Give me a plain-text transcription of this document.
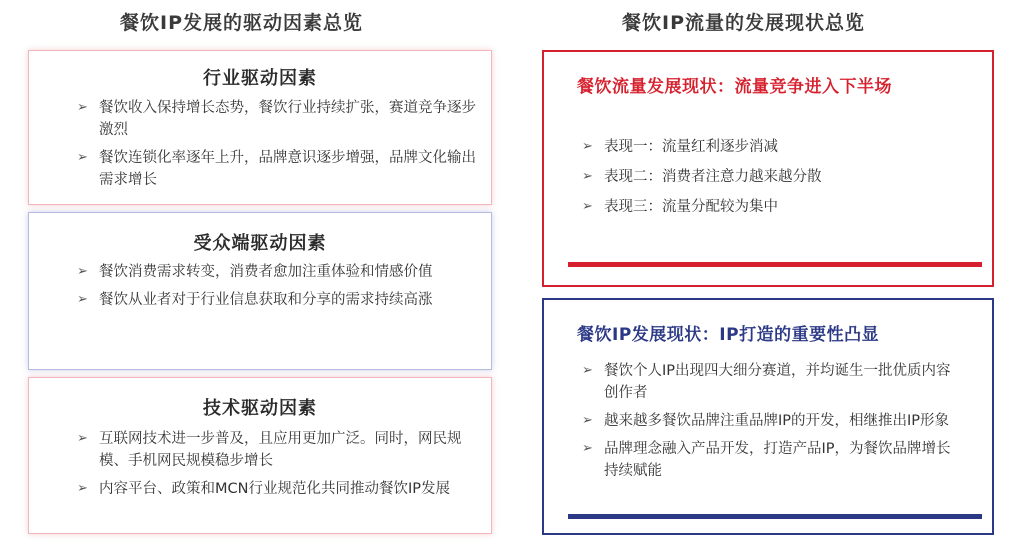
餐饮IP发展的驱动因素总览	餐饮IP流量的发展现状总览
行业驱动因素
➢ 餐饮收入保持增长态势，餐饮行业持续扩张，赛道竞争逐步激烈
➢ 餐饮连锁化率逐年上升，品牌意识逐步增强，品牌文化输出需求增长
受众端驱动因素
➢ 餐饮消费需求转变，消费者愈加注重体验和情感价值
➢ 餐饮从业者对于行业信息获取和分享的需求持续高涨
技术驱动因素
➢ 互联网技术进一步普及，且应用更加广泛。同时，网民规模、手机网民规模稳步增长
➢ 内容平台、政策和MCN行业规范化共同推动餐饮IP发展
餐饮流量发展现状：流量竞争进入下半场
➢ 表现一：流量红利逐步消减
➢ 表现二：消费者注意力越来越分散
➢ 表现三：流量分配较为集中
餐饮IP发展现状：IP打造的重要性凸显
➢ 餐饮个人IP出现四大细分赛道，并均诞生一批优质内容创作者
➢ 越来越多餐饮品牌注重品牌IP的开发，相继推出IP形象
➢ 品牌理念融入产品开发，打造产品IP，为餐饮品牌增长持续赋能
